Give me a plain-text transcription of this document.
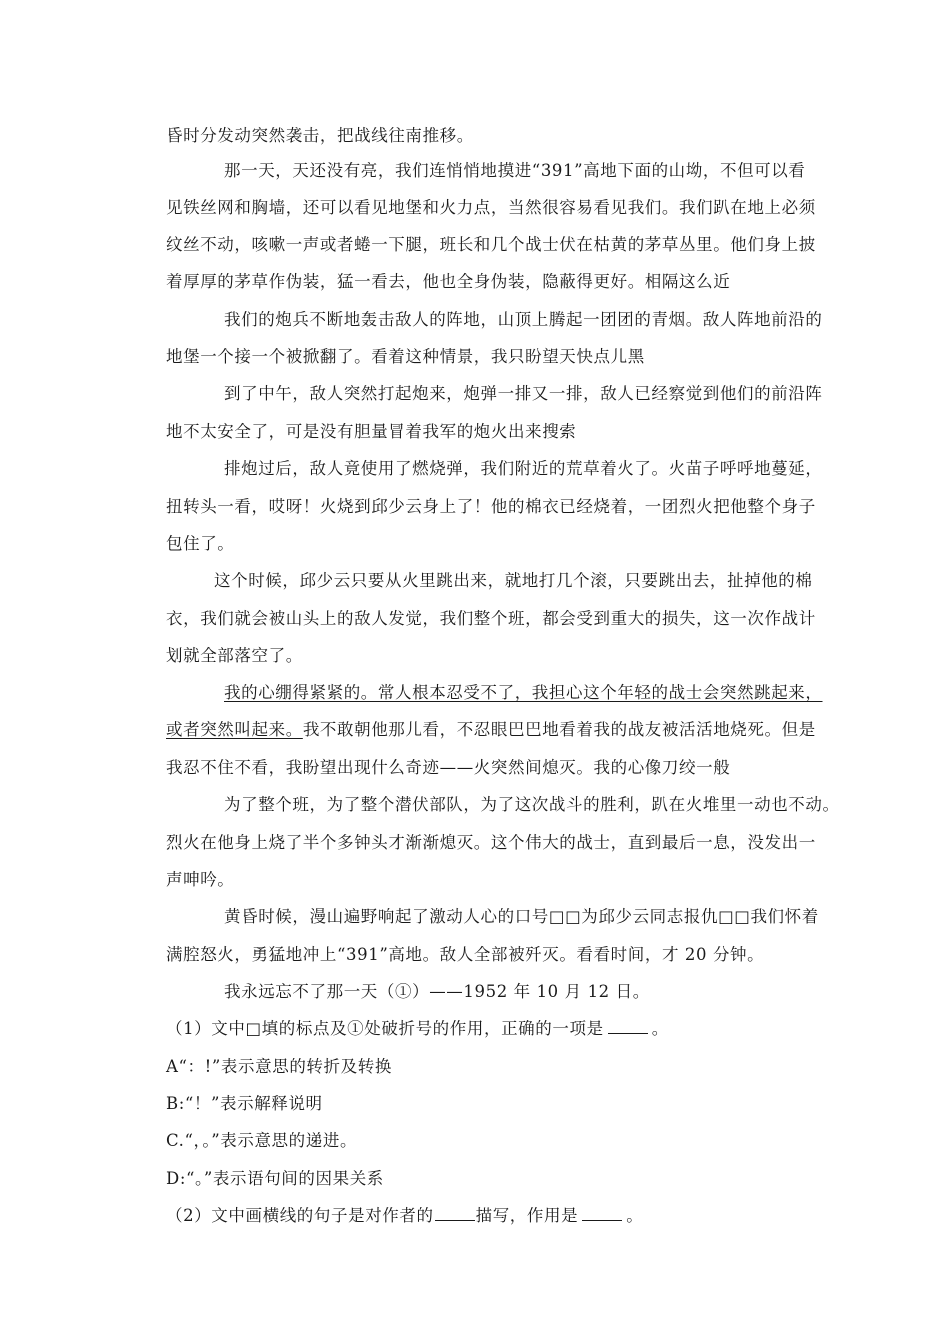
昏时分发动突然袭击，把战线往南推移。
那一天，天还没有亮，我们连悄悄地摸进“391”高地下面的山坳，不但可以看
见铁丝网和胸墙，还可以看见地堡和火力点，当然很容易看见我们。我们趴在地上必须
纹丝不动，咳嗽一声或者蜷一下腿，班长和几个战士伏在枯黄的茅草丛里。他们身上披
着厚厚的茅草作伪装，猛一看去，他也全身伪装，隐蔽得更好。相隔这么近
我们的炮兵不断地轰击敌人的阵地，山顶上腾起一团团的青烟。敌人阵地前沿的
地堡一个接一个被掀翻了。看着这种情景，我只盼望天快点儿黑
到了中午，敌人突然打起炮来，炮弹一排又一排，敌人已经察觉到他们的前沿阵
地不太安全了，可是没有胆量冒着我军的炮火出来搜索
排炮过后，敌人竟使用了燃烧弹，我们附近的荒草着火了。火苗子呼呼地蔓延，
扭转头一看，哎呀！火烧到邱少云身上了！他的棉衣已经烧着，一团烈火把他整个身子
包住了。
这个时候，邱少云只要从火里跳出来，就地打几个滚，只要跳出去，扯掉他的棉
衣，我们就会被山头上的敌人发觉，我们整个班，都会受到重大的损失，这一次作战计
划就全部落空了。
我的心绷得紧紧的。常人根本忍受不了，我担心这个年轻的战士会突然跳起来，
或者突然叫起来。我不敢朝他那儿看，不忍眼巴巴地看着我的战友被活活地烧死。但是
我忍不住不看，我盼望出现什么奇迹——火突然间熄灭。我的心像刀绞一般
为了整个班，为了整个潜伏部队，为了这次战斗的胜利，趴在火堆里一动也不动。
烈火在他身上烧了半个多钟头才渐渐熄灭。这个伟大的战士，直到最后一息，没发出一
声呻吟。
黄昏时候，漫山遍野响起了激动人心的口号□□为邱少云同志报仇□□我们怀着
满腔怒火，勇猛地冲上“391”高地。敌人全部被歼灭。看看时间，才 20 分钟。
我永远忘不了那一天（①）——1952 年 10 月 12 日。
（1）文中□填的标点及①处破折号的作用，正确的一项是	。
A“：!”表示意思的转折及转换
B:“！”表示解释说明
C.“，。”表示意思的递进。
D:“。”表示语句间的因果关系
（2）文中画横线的句子是对作者的	描写，作用是	。
